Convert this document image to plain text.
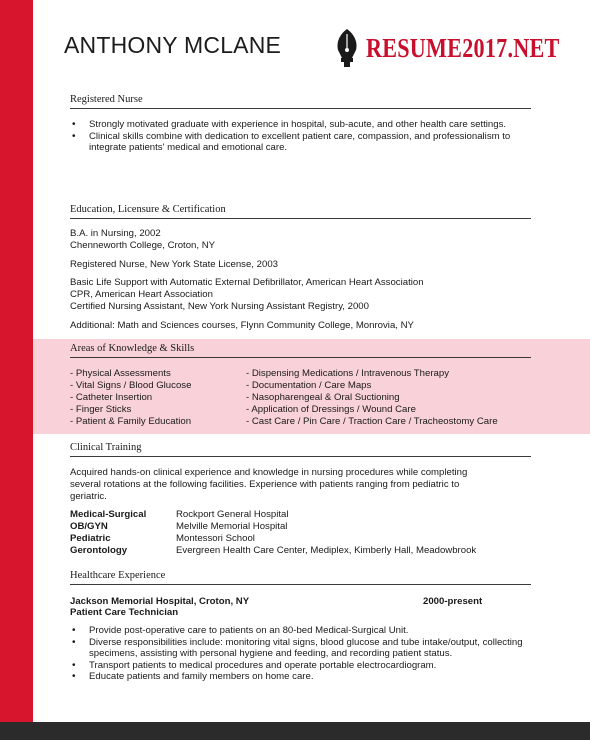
ANTHONY MCLANE	RESUME2017.NET
Registered Nurse
• Strongly motivated graduate with experience in hospital, sub-acute, and other health care settings.
• Clinical skills combine with dedication to excellent patient care, compassion, and professionalism to integrate patients' medical and emotional care.
Education, Licensure & Certification
B.A. in Nursing, 2002
Chenneworth College, Croton, NY
Registered Nurse, New York State License, 2003
Basic Life Support with Automatic External Defibrillator, American Heart Association
CPR, American Heart Association
Certified Nursing Assistant, New York Nursing Assistant Registry, 2000
Additional: Math and Sciences courses, Flynn Community College, Monrovia, NY
Areas of Knowledge & Skills
- Physical Assessments
- Vital Signs / Blood Glucose
- Catheter Insertion
- Finger Sticks
- Patient & Family Education
- Dispensing Medications / Intravenous Therapy
- Documentation / Care Maps
- Nasopharengeal & Oral Suctioning
- Application of Dressings / Wound Care
- Cast Care / Pin Care / Traction Care / Tracheostomy Care
Clinical Training
Acquired hands-on clinical experience and knowledge in nursing procedures while completing
several rotations at the following facilities. Experience with patients ranging from pediatric to
geriatric.
Medical-Surgical	Rockport General Hospital
OB/GYN	Melville Memorial Hospital
Pediatric	Montessori School
Gerontology	Evergreen Health Care Center, Mediplex, Kimberly Hall, Meadowbrook
Healthcare Experience
Jackson Memorial Hospital, Croton, NY	2000-present
Patient Care Technician
• Provide post-operative care to patients on an 80-bed Medical-Surgical Unit.
• Diverse responsibilities include: monitoring vital signs, blood glucose and tube intake/output, collecting specimens, assisting with personal hygiene and feeding, and recording patient status.
• Transport patients to medical procedures and operate portable electrocardiogram.
• Educate patients and family members on home care.
